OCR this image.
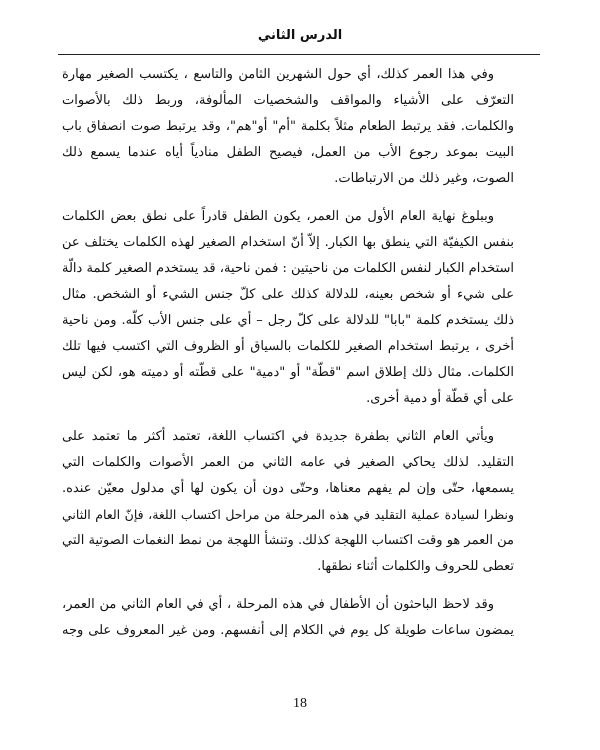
الدرس الثاني

وفي هذا العمر كذلك، أي حول الشهرين الثامن والتاسع ، يكتسب الصغير مهارة
التعرّف على الأشياء والمواقف والشخصيات المألوفة، وربط ذلك بالأصوات
والكلمات. فقد يرتبط الطعام مثلاً بكلمة "أم" أو"هم"، وقد يرتبط صوت انصفاق باب
البيت بموعد رجوع الأب من العمل، فيصيح الطفل منادياً أياه عندما يسمع ذلك
الصوت، وغير ذلك من الارتباطات.

وببلوغ نهاية العام الأول من العمر، يكون الطفل قادراً على نطق بعض الكلمات
بنفس الكيفيّة التي ينطق بها الكبار. إلاّ أنّ استخدام الصغير لهذه الكلمات يختلف عن
استخدام الكبار لنفس الكلمات من ناحيتين : فمن ناحية، قد يستخدم الصغير كلمة دالّة
على شيء أو شخص بعينه، للدلالة كذلك على كلّ جنس الشيء أو الشخص. مثال
ذلك يستخدم كلمة "بابا" للدلالة على كلّ رجل – أي على جنس الأب كلّه. ومن ناحية
أخرى ، يرتبط استخدام الصغير للكلمات بالسياق أو الظروف التي اكتسب فيها تلك
الكلمات. مثال ذلك إطلاق اسم "قطّة" أو "دمية" على قطّته أو دميته هو، لكن ليس
على أي قطّة أو دمية أخرى.

ويأتي العام الثاني بطفرة جديدة في اكتساب اللغة، تعتمد أكثر ما تعتمد على
التقليد. لذلك يحاكي الصغير في عامه الثاني من العمر الأصوات والكلمات التي
يسمعها، حتّى وإن لم يفهم معناها، وحتّى دون أن يكون لها أي مدلول معيّن عنده.
ونظرا لسيادة عملية التقليد في هذه المرحلة من مراحل اكتساب اللغة، فإنّ العام الثاني
من العمر هو وقت اكتساب اللهجة كذلك. وتنشأ اللهجة من نمط النغمات الصوتية التي
تعطى للحروف والكلمات أثناء نطقها.

وقد لاحظ الباحثون أن الأطفال في هذه المرحلة ، أي في العام الثاني من العمر،
يمضون ساعات طويلة كل يوم في الكلام إلى أنفسهم. ومن غير المعروف على وجه

18
